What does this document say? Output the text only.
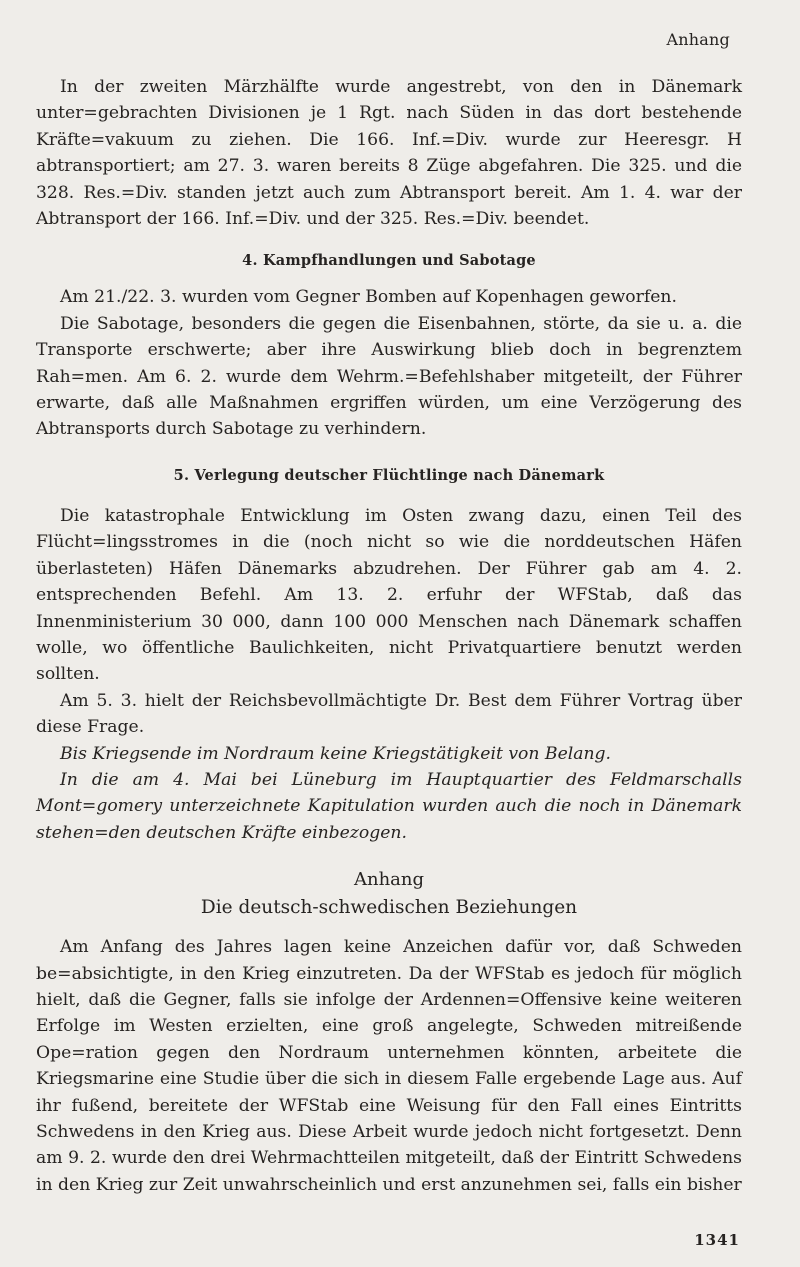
Anhang

In der zweiten Märzhälfte wurde angestrebt, von den in Dänemark unter=gebrachten Divisionen je 1 Rgt. nach Süden in das dort bestehende Kräfte=vakuum zu ziehen. Die 166. Inf.=Div. wurde zur Heeresgr. H abtransportiert; am 27. 3. waren bereits 8 Züge abgefahren. Die 325. und die 328. Res.=Div. standen jetzt auch zum Abtransport bereit. Am 1. 4. war der Abtransport der 166. Inf.=Div. und der 325. Res.=Div. beendet.

4. Kampfhandlungen und Sabotage

Am 21./22. 3. wurden vom Gegner Bomben auf Kopenhagen geworfen.

Die Sabotage, besonders die gegen die Eisenbahnen, störte, da sie u. a. die Transporte erschwerte; aber ihre Auswirkung blieb doch in begrenztem Rah=men. Am 6. 2. wurde dem Wehrm.=Befehlshaber mitgeteilt, der Führer erwarte, daß alle Maßnahmen ergriffen würden, um eine Verzögerung des Abtransports durch Sabotage zu verhindern.

5. Verlegung deutscher Flüchtlinge nach Dänemark

Die katastrophale Entwicklung im Osten zwang dazu, einen Teil des Flücht=lingsstromes in die (noch nicht so wie die norddeutschen Häfen überlasteten) Häfen Dänemarks abzudrehen. Der Führer gab am 4. 2. entsprechenden Befehl. Am 13. 2. erfuhr der WFStab, daß das Innenministerium 30 000, dann 100 000 Menschen nach Dänemark schaffen wolle, wo öffentliche Baulichkeiten, nicht Privatquartiere benutzt werden sollten.

Am 5. 3. hielt der Reichsbevollmächtigte Dr. Best dem Führer Vortrag über diese Frage.

Bis Kriegsende im Nordraum keine Kriegstätigkeit von Belang.

In die am 4. Mai bei Lüneburg im Hauptquartier des Feldmarschalls Mont=gomery unterzeichnete Kapitulation wurden auch die noch in Dänemark stehen=den deutschen Kräfte einbezogen.

Anhang
Die deutsch-schwedischen Beziehungen

Am Anfang des Jahres lagen keine Anzeichen dafür vor, daß Schweden be=absichtigte, in den Krieg einzutreten. Da der WFStab es jedoch für möglich hielt, daß die Gegner, falls sie infolge der Ardennen=Offensive keine weiteren Erfolge im Westen erzielten, eine groß angelegte, Schweden mitreißende Ope=ration gegen den Nordraum unternehmen könnten, arbeitete die Kriegsmarine eine Studie über die sich in diesem Falle ergebende Lage aus. Auf ihr fußend, bereitete der WFStab eine Weisung für den Fall eines Eintritts Schwedens in den Krieg aus. Diese Arbeit wurde jedoch nicht fortgesetzt. Denn am 9. 2. wurde den drei Wehrmachtteilen mitgeteilt, daß der Eintritt Schwedens in den Krieg zur Zeit unwahrscheinlich und erst anzunehmen sei, falls ein bisher

1341
